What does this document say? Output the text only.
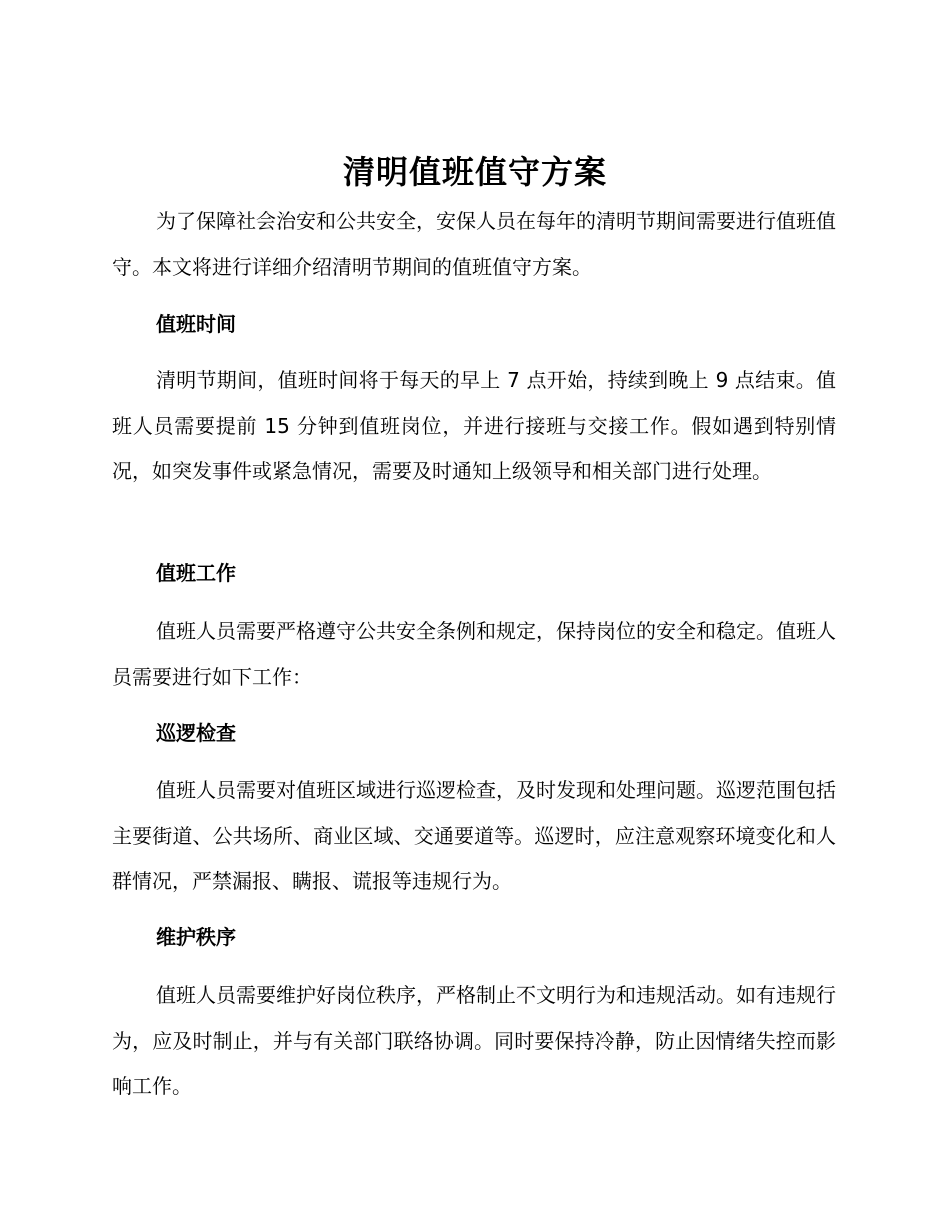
清明值班值守方案

为了保障社会治安和公共安全，安保人员在每年的清明节期间需要进行值班值守。本文将进行详细介绍清明节期间的值班值守方案。

值班时间

清明节期间，值班时间将于每天的早上 7 点开始，持续到晚上 9 点结束。值班人员需要提前 15 分钟到值班岗位，并进行接班与交接工作。假如遇到特别情况，如突发事件或紧急情况，需要及时通知上级领导和相关部门进行处理。

值班工作

值班人员需要严格遵守公共安全条例和规定，保持岗位的安全和稳定。值班人员需要进行如下工作：

巡逻检查

值班人员需要对值班区域进行巡逻检查，及时发现和处理问题。巡逻范围包括主要街道、公共场所、商业区域、交通要道等。巡逻时，应注意观察环境变化和人群情况，严禁漏报、瞒报、谎报等违规行为。

维护秩序

值班人员需要维护好岗位秩序，严格制止不文明行为和违规活动。如有违规行为，应及时制止，并与有关部门联络协调。同时要保持冷静，防止因情绪失控而影响工作。
